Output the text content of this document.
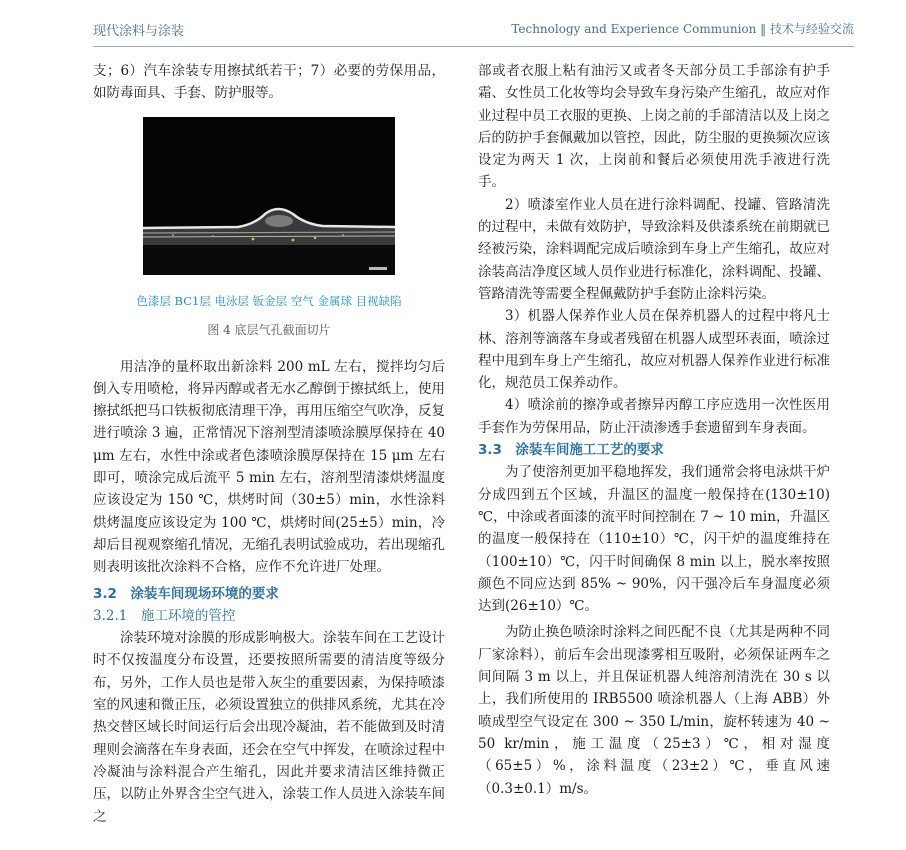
现代涂料与涂装	Technology and Experience Communion ‖ 技术与经验交流

支；6）汽车涂装专用擦拭纸若干；7）必要的劳保用品，如防毒面具、手套、防护服等。

色漆层 BC1层 电泳层 钣金层 空气 金属球 目视缺陷
图 4 底层气孔截面切片

用洁净的量杯取出新涂料 200 mL 左右，搅拌均匀后倒入专用喷枪，将异丙醇或者无水乙醇倒于擦拭纸上，使用擦拭纸把马口铁板彻底清理干净，再用压缩空气吹净，反复进行喷涂 3 遍，正常情况下溶剂型清漆喷涂膜厚保持在 40 μm 左右，水性中涂或者色漆喷涂膜厚保持在 15 μm 左右即可，喷涂完成后流平 5 min 左右，溶剂型清漆烘烤温度应该设定为 150 ℃，烘烤时间（30±5）min，水性涂料烘烤温度应该设定为 100 ℃，烘烤时间(25±5）min，冷却后目视观察缩孔情况，无缩孔表明试验成功，若出现缩孔则表明该批次涂料不合格，应作不允许进厂处理。

3.2　涂装车间现场环境的要求
3.2.1　施工环境的管控

涂装环境对涂膜的形成影响极大。涂装车间在工艺设计时不仅按温度分布设置，还要按照所需要的清洁度等级分布，另外，工作人员也是带入灰尘的重要因素，为保持喷漆室的风速和微正压，必须设置独立的供排风系统，尤其在冷热交替区域长时间运行后会出现冷凝油，若不能做到及时清理则会滴落在车身表面，还会在空气中挥发，在喷涂过程中冷凝油与涂料混合产生缩孔，因此并要求清洁区维持微正压，以防止外界含尘空气进入，涂装工作人员进入涂装车间之

部或者衣服上粘有油污又或者冬天部分员工手部涂有护手霜、女性员工化妆等均会导致车身污染产生缩孔，故应对作业过程中员工衣服的更换、上岗之前的手部清洁以及上岗之后的防护手套佩戴加以管控，因此，防尘服的更换频次应该设定为两天 1 次，上岗前和餐后必须使用洗手液进行洗手。

2）喷漆室作业人员在进行涂料调配、投罐、管路清洗的过程中，未做有效防护，导致涂料及供漆系统在前期就已经被污染，涂料调配完成后喷涂到车身上产生缩孔，故应对涂装高洁净度区域人员作业进行标准化，涂料调配、投罐、管路清洗等需要全程佩戴防护手套防止涂料污染。

3）机器人保养作业人员在保养机器人的过程中将凡士林、溶剂等滴落车身或者残留在机器人成型环表面，喷涂过程中甩到车身上产生缩孔，故应对机器人保养作业进行标准化，规范员工保养动作。

4）喷涂前的擦净或者擦异丙醇工序应选用一次性医用手套作为劳保用品，防止汗渍渗透手套遗留到车身表面。

3.3　涂装车间施工工艺的要求

为了使溶剂更加平稳地挥发，我们通常会将电泳烘干炉分成四到五个区域，升温区的温度一般保持在(130±10) ℃，中涂或者面漆的流平时间控制在 7 ~ 10 min，升温区的温度一般保持在（110±10）℃，闪干炉的温度维持在（100±10）℃，闪干时间确保 8 min 以上，脱水率按照颜色不同应达到 85% ~ 90%，闪干强冷后车身温度必须达到(26±10）℃。

为防止换色喷涂时涂料之间匹配不良（尤其是两种不同厂家涂料），前后车会出现漆雾相互吸附，必须保证两车之间间隔 3 m 以上，并且保证机器人纯溶剂清洗在 30 s 以上，我们所使用的 IRB5500 喷涂机器人（上海 ABB）外喷成型空气设定在 300 ~ 350 L/min，旋杯转速为 40 ~ 50 kr/min，施工温度（25±3）℃，相对湿度（65±5）%，涂料温度（23±2）℃，垂直风速（0.3±0.1）m/s。
